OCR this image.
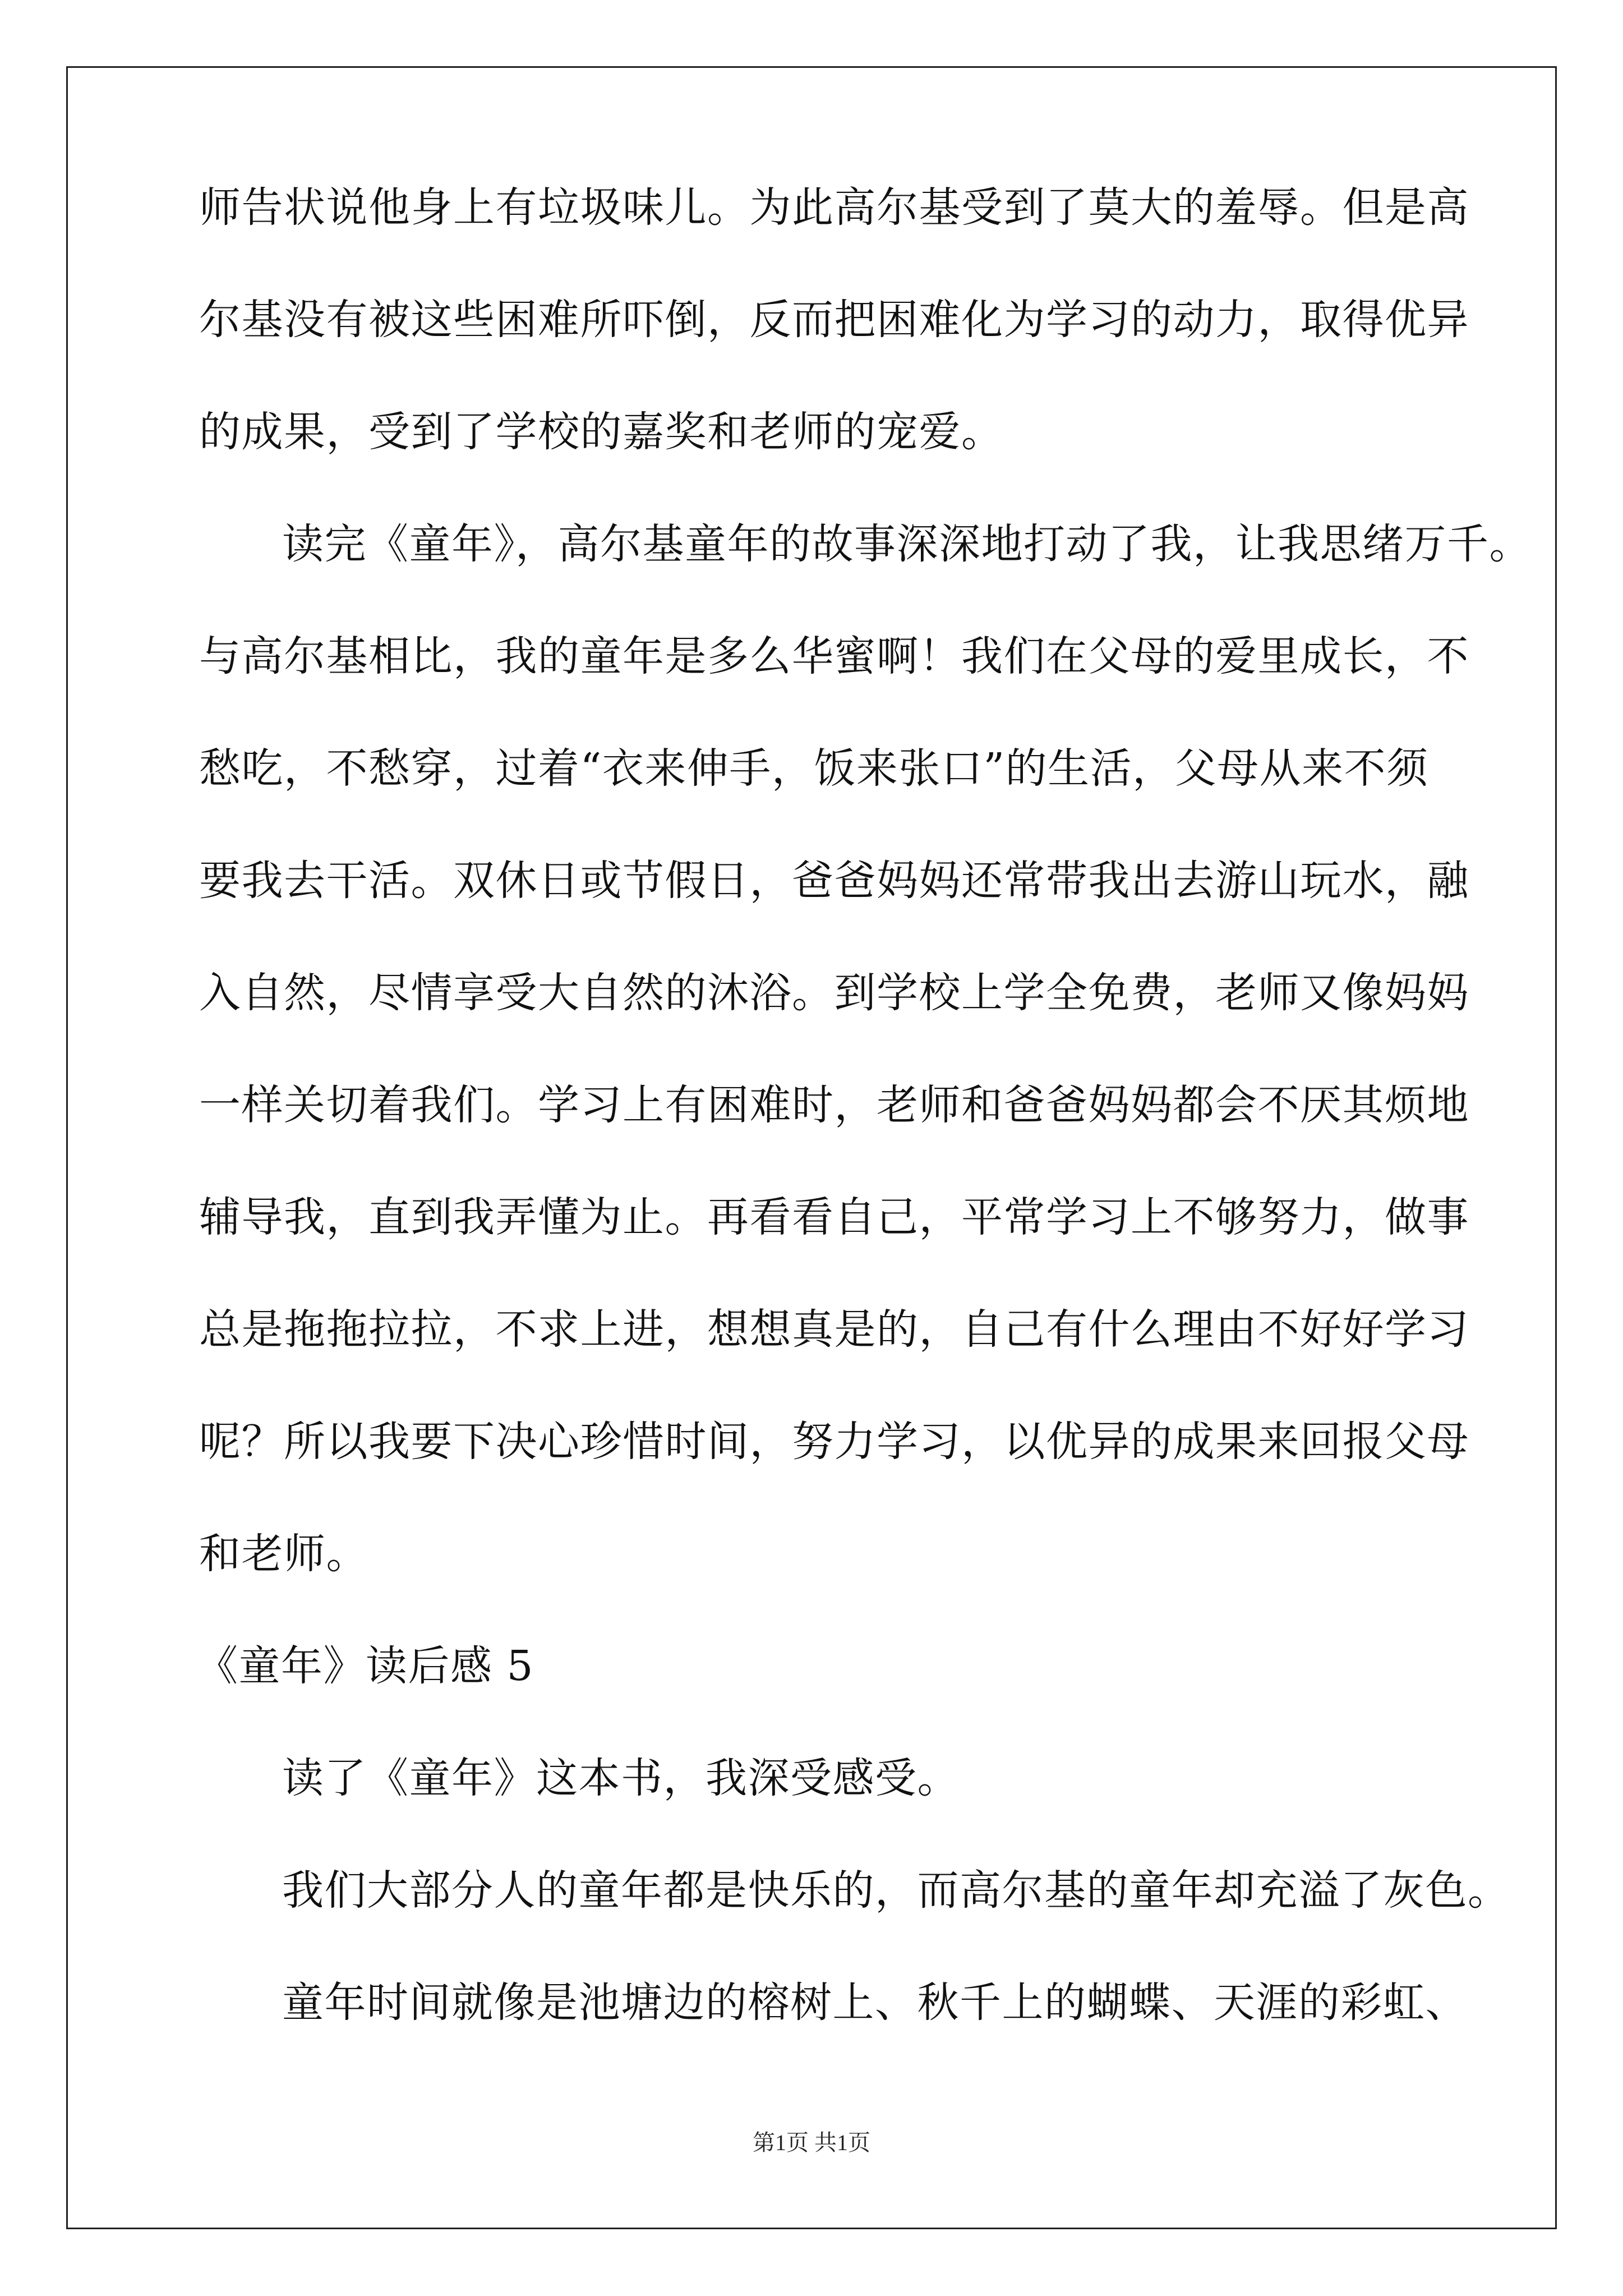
师告状说他身上有垃圾味儿。为此高尔基受到了莫大的羞辱。但是高
尔基没有被这些困难所吓倒，反而把困难化为学习的动力，取得优异
的成果，受到了学校的嘉奖和老师的宠爱。
读完《童年》，高尔基童年的故事深深地打动了我，让我思绪万千。
与高尔基相比，我的童年是多么华蜜啊！我们在父母的爱里成长，不
愁吃，不愁穿，过着“衣来伸手，饭来张口”的生活，父母从来不须
要我去干活。双休日或节假日，爸爸妈妈还常带我出去游山玩水，融
入自然，尽情享受大自然的沐浴。到学校上学全免费，老师又像妈妈
一样关切着我们。学习上有困难时，老师和爸爸妈妈都会不厌其烦地
辅导我，直到我弄懂为止。再看看自己，平常学习上不够努力，做事
总是拖拖拉拉，不求上进，想想真是的，自己有什么理由不好好学习
呢？所以我要下决心珍惜时间，努力学习，以优异的成果来回报父母
和老师。
《童年》读后感 5
读了《童年》这本书，我深受感受。
我们大部分人的童年都是快乐的，而高尔基的童年却充溢了灰色。
童年时间就像是池塘边的榕树上、秋千上的蝴蝶、天涯的彩虹、
第1页 共1页
